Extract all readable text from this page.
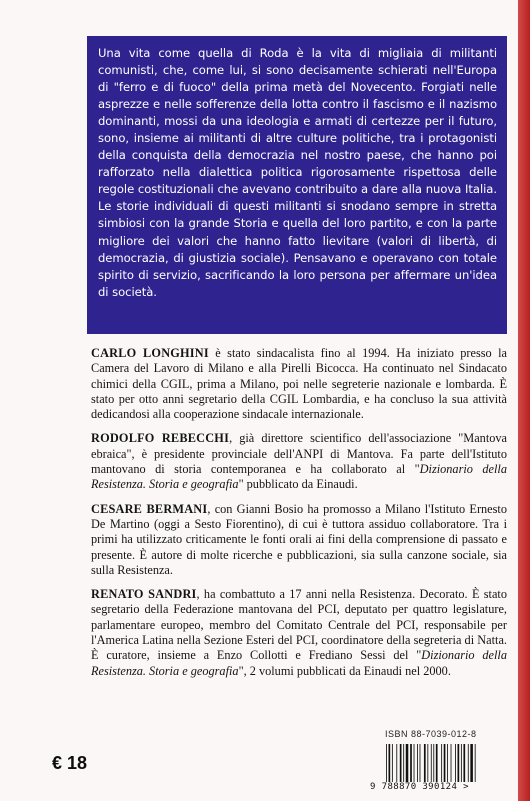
Una vita come quella di Roda è la vita di migliaia di militanti comunisti, che, come lui, si sono decisamente schierati nell'Europa di "ferro e di fuoco" della prima metà del Novecento. Forgiati nelle asprezze e nelle sofferenze della lotta contro il fascismo e il nazismo dominanti, mossi da una ideologia e armati di certezze per il futuro, sono, insieme ai militanti di altre culture politiche, tra i protagonisti della conquista della democrazia nel nostro paese, che hanno poi rafforzato nella dialettica politica rigorosamente rispettosa delle regole costituzionali che avevano contribuito a dare alla nuova Italia. Le storie individuali di questi militanti si snodano sempre in stretta simbiosi con la grande Storia e quella del loro partito, e con la parte migliore dei valori che hanno fatto lievitare (valori di libertà, di democrazia, di giustizia sociale). Pensavano e operavano con totale spirito di servizio, sacrificando la loro persona per affermare un'idea di società.

CARLO LONGHINI è stato sindacalista fino al 1994. Ha iniziato presso la Camera del Lavoro di Milano e alla Pirelli Bicocca. Ha continuato nel Sindacato chimici della CGIL, prima a Milano, poi nelle segreterie nazionale e lombarda. È stato per otto anni segretario della CGIL Lombardia, e ha concluso la sua attività dedicandosi alla cooperazione sindacale internazionale.

RODOLFO REBECCHI, già direttore scientifico dell'associazione "Mantova ebraica", è presidente provinciale dell'ANPI di Mantova. Fa parte dell'Istituto mantovano di storia contemporanea e ha collaborato al "Dizionario della Resistenza. Storia e geografia" pubblicato da Einaudi.

CESARE BERMANI, con Gianni Bosio ha promosso a Milano l'Istituto Ernesto De Martino (oggi a Sesto Fiorentino), di cui è tuttora assiduo collaboratore. Tra i primi ha utilizzato criticamente le fonti orali ai fini della comprensione di passato e presente. È autore di molte ricerche e pubblicazioni, sia sulla canzone sociale, sia sulla Resistenza.

RENATO SANDRI, ha combattuto a 17 anni nella Resistenza. Decorato. È stato segretario della Federazione mantovana del PCI, deputato per quattro legislature, parlamentare europeo, membro del Comitato Centrale del PCI, responsabile per l'America Latina nella Sezione Esteri del PCI, coordinatore della segreteria di Natta. È curatore, insieme a Enzo Collotti e Frediano Sessi del "Dizionario della Resistenza. Storia e geografia", 2 volumi pubblicati da Einaudi nel 2000.

€ 18
ISBN 88-7039-012-8
9 788870 390124 >
